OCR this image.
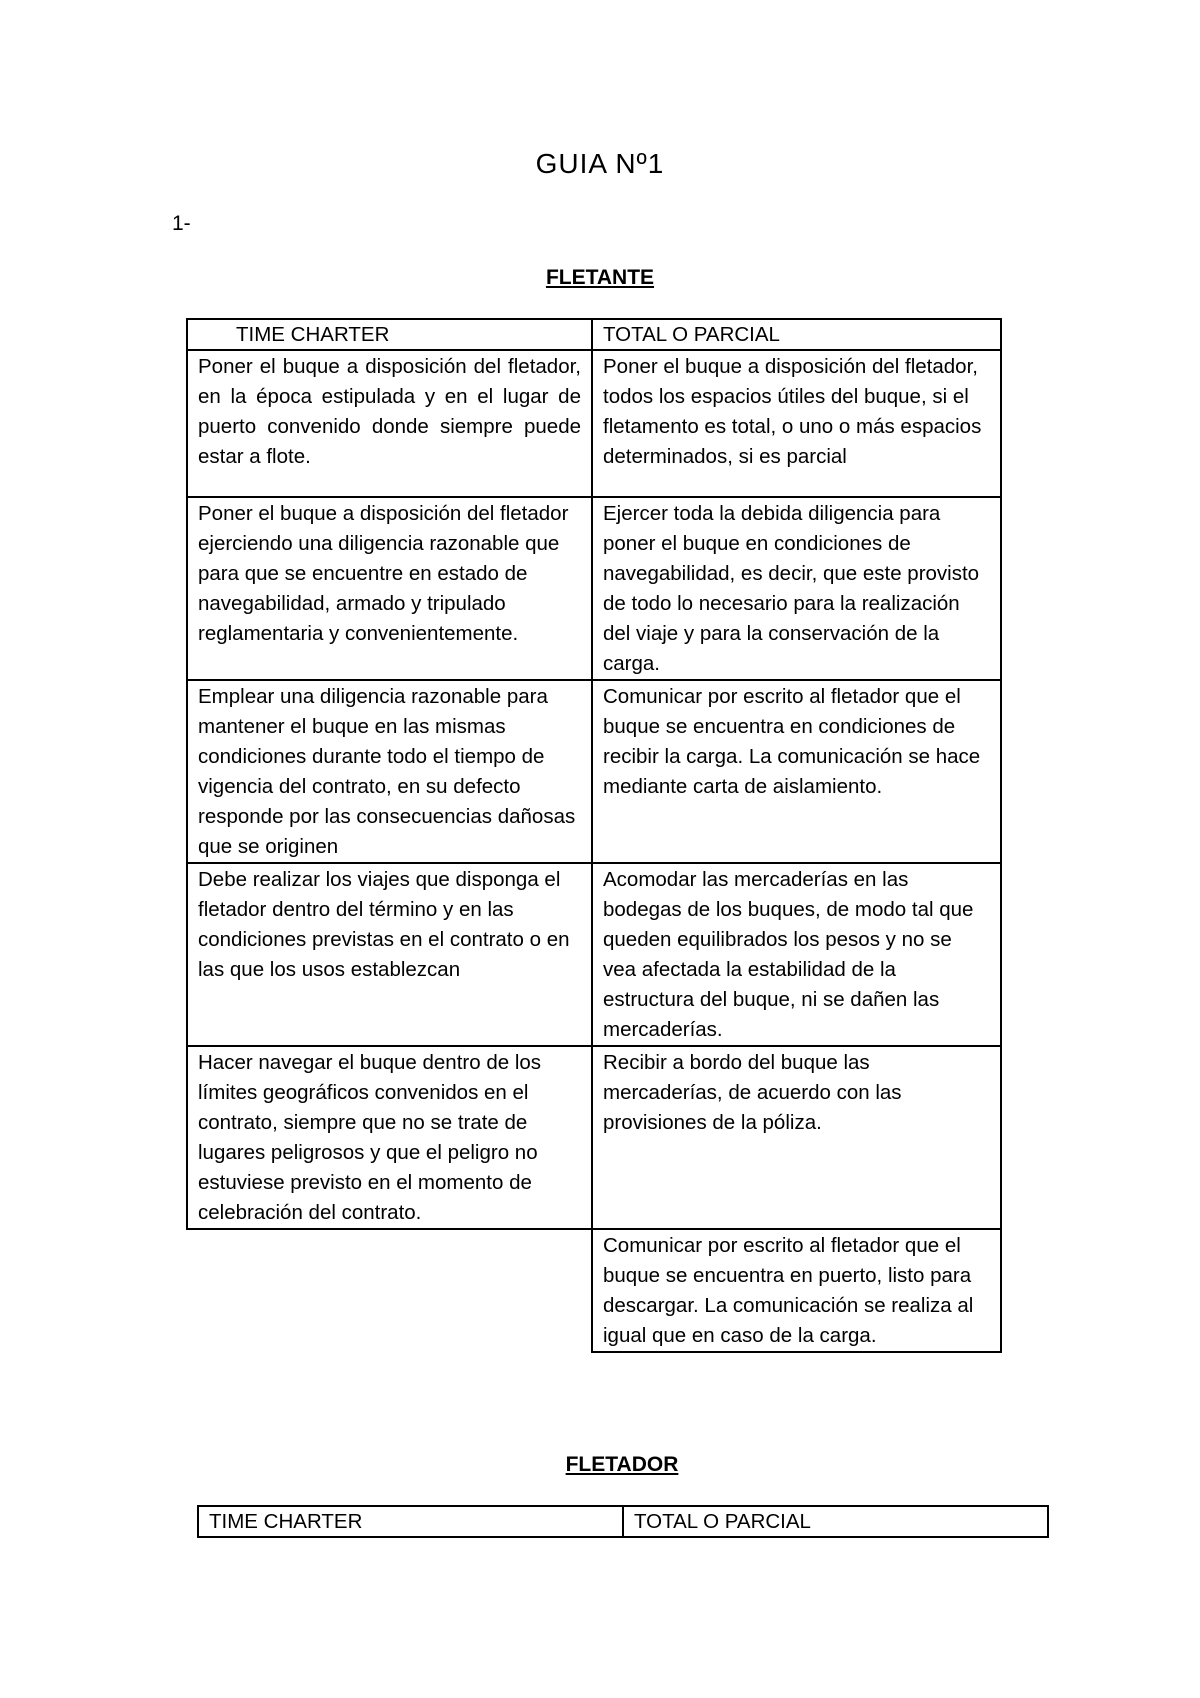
GUIA Nº1
1-
FLETANTE
TIME CHARTER	TOTAL O PARCIAL
Poner el buque a disposición del fletador, en la época estipulada y en el lugar de puerto convenido donde siempre puede estar a flote.	Poner el buque a disposición del fletador, todos los espacios útiles del buque, si el fletamento es total, o uno o más espacios determinados, si es parcial
Poner el buque a disposición del fletador ejerciendo una diligencia razonable que para que se encuentre en estado de navegabilidad, armado y tripulado reglamentaria y convenientemente.	Ejercer toda la debida diligencia para poner el buque en condiciones de navegabilidad, es decir, que este provisto de todo lo necesario para la realización del viaje y para la conservación de la carga.
Emplear una diligencia razonable para mantener el buque en las mismas condiciones durante todo el tiempo de vigencia del contrato, en su defecto responde por las consecuencias dañosas que se originen	Comunicar por escrito al fletador que el buque se encuentra en condiciones de recibir la carga. La comunicación se hace mediante carta de aislamiento.
Debe realizar los viajes que disponga el fletador dentro del término y en las condiciones previstas en el contrato o en las que los usos establezcan	Acomodar las mercaderías en las bodegas de los buques, de modo tal que queden equilibrados los pesos y no se vea afectada la estabilidad de la estructura del buque, ni se dañen las mercaderías.
Hacer navegar el buque dentro de los límites geográficos convenidos en el contrato, siempre que no se trate de lugares peligrosos y que el peligro no estuviese previsto en el momento de celebración del contrato.	Recibir a bordo del buque las mercaderías, de acuerdo con las provisiones de la póliza.
	Comunicar por escrito al fletador que el buque se encuentra en puerto, listo para descargar. La comunicación se realiza al igual que en caso de la carga.
FLETADOR
TIME CHARTER	TOTAL O PARCIAL
